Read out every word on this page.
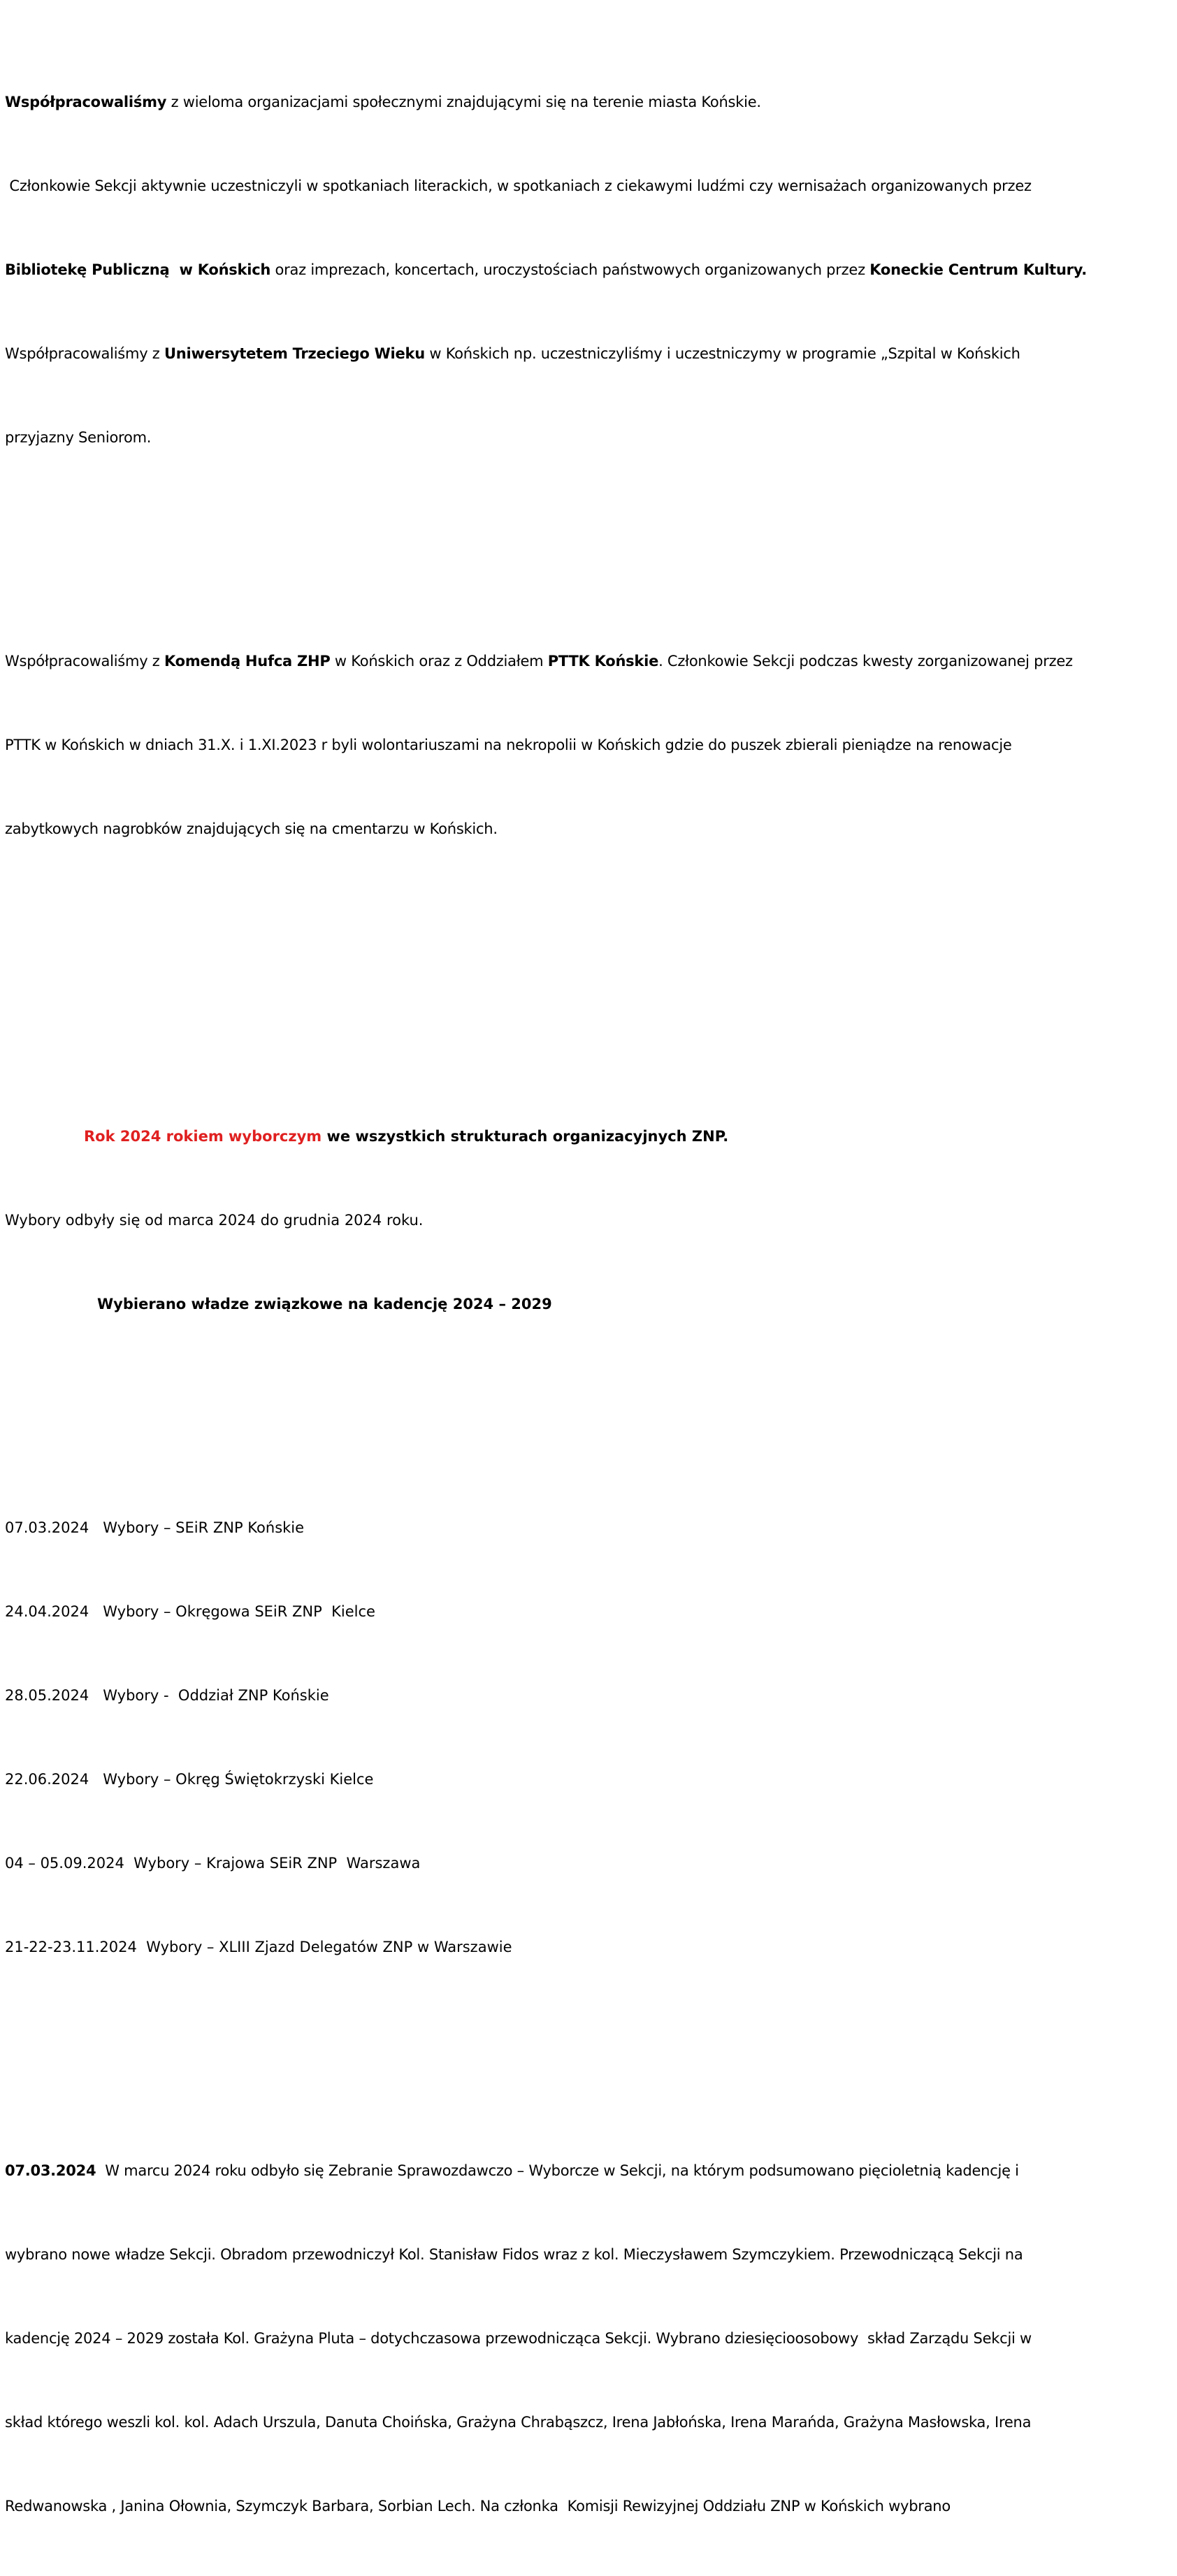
Współpracowaliśmy z wieloma organizacjami społecznymi znajdującymi się na terenie miasta Końskie.

Członkowie Sekcji aktywnie uczestniczyli w spotkaniach literackich, w spotkaniach z ciekawymi ludźmi czy wernisażach organizowanych przez

Bibliotekę Publiczną  w Końskich oraz imprezach, koncertach, uroczystościach państwowych organizowanych przez Koneckie Centrum Kultury.

Współpracowaliśmy z Uniwersytetem Trzeciego Wieku w Końskich np. uczestniczyliśmy i uczestniczymy w programie „Szpital w Końskich

przyjazny Seniorom.

Współpracowaliśmy z Komendą Hufca ZHP w Końskich oraz z Oddziałem PTTK Końskie. Członkowie Sekcji podczas kwesty zorganizowanej przez

PTTK w Końskich w dniach 31.X. i 1.XI.2023 r byli wolontariuszami na nekropolii w Końskich gdzie do puszek zbierali pieniądze na renowacje

zabytkowych nagrobków znajdujących się na cmentarzu w Końskich.

Rok 2024 rokiem wyborczym we wszystkich strukturach organizacyjnych ZNP.

Wybory odbyły się od marca 2024 do grudnia 2024 roku.

Wybierano władze związkowe na kadencję 2024 – 2029

07.03.2024   Wybory – SEiR ZNP Końskie

24.04.2024   Wybory – Okręgowa SEiR ZNP  Kielce

28.05.2024   Wybory -  Oddział ZNP Końskie

22.06.2024   Wybory – Okręg Świętokrzyski Kielce

04 – 05.09.2024  Wybory – Krajowa SEiR ZNP  Warszawa

21-22-23.11.2024  Wybory – XLIII Zjazd Delegatów ZNP w Warszawie

07.03.2024  W marcu 2024 roku odbyło się Zebranie Sprawozdawczo – Wyborcze w Sekcji, na którym podsumowano pięcioletnią kadencję i

wybrano nowe władze Sekcji. Obradom przewodniczył Kol. Stanisław Fidos wraz z kol. Mieczysławem Szymczykiem. Przewodniczącą Sekcji na

kadencję 2024 – 2029 została Kol. Grażyna Pluta – dotychczasowa przewodnicząca Sekcji. Wybrano dziesięcioosobowy  skład Zarządu Sekcji w

skład którego weszli kol. kol. Adach Urszula, Danuta Choińska, Grażyna Chrabąszcz, Irena Jabłońska, Irena Marańda, Grażyna Masłowska, Irena

Redwanowska , Janina Ołownia, Szymczyk Barbara, Sorbian Lech. Na członka  Komisji Rewizyjnej Oddziału ZNP w Końskich wybrano
